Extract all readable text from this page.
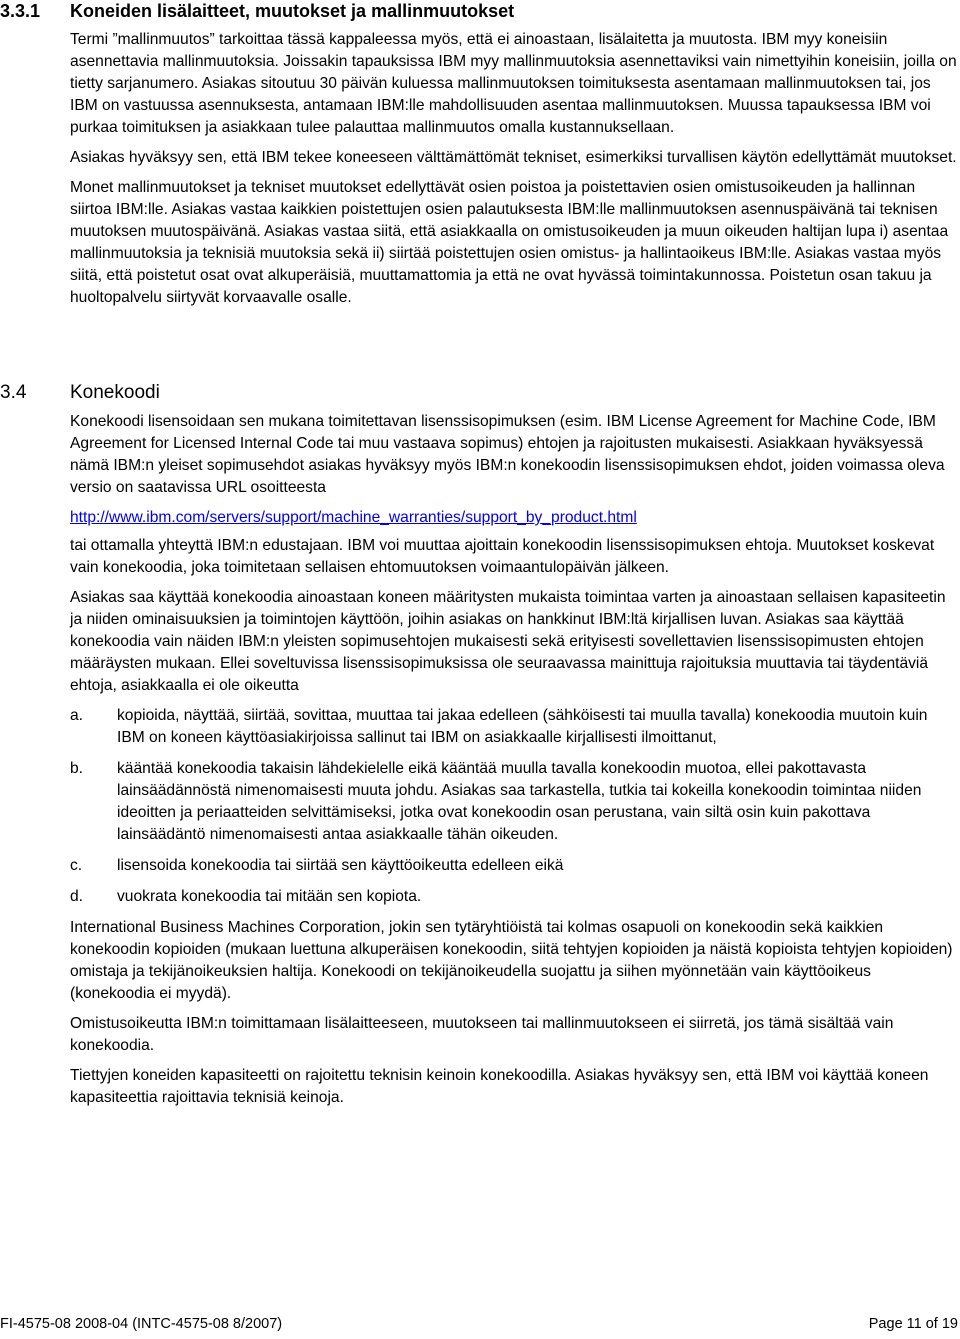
3.3.1 Koneiden lisälaitteet, muutokset ja mallinmuutokset

Termi ”mallinmuutos” tarkoittaa tässä kappaleessa myös, että ei ainoastaan, lisälaitetta ja muutosta. IBM myy koneisiin asennettavia mallinmuutoksia. Joissakin tapauksissa IBM myy mallinmuutoksia asennettaviksi vain nimettyihin koneisiin, joilla on tietty sarjanumero. Asiakas sitoutuu 30 päivän kuluessa mallinmuutoksen toimituksesta asentamaan mallinmuutoksen tai, jos IBM on vastuussa asennuksesta, antamaan IBM:lle mahdollisuuden asentaa mallinmuutoksen. Muussa tapauksessa IBM voi purkaa toimituksen ja asiakkaan tulee palauttaa mallinmuutos omalla kustannuksellaan.

Asiakas hyväksyy sen, että IBM tekee koneeseen välttämättömät tekniset, esimerkiksi turvallisen käytön edellyttämät muutokset.

Monet mallinmuutokset ja tekniset muutokset edellyttävät osien poistoa ja poistettavien osien omistusoikeuden ja hallinnan siirtoa IBM:lle. Asiakas vastaa kaikkien poistettujen osien palautuksesta IBM:lle mallinmuutoksen asennuspäivänä tai teknisen muutoksen muutospäivänä. Asiakas vastaa siitä, että asiakkaalla on omistusoikeuden ja muun oikeuden haltijan lupa i) asentaa mallinmuutoksia ja teknisiä muutoksia sekä ii) siirtää poistettujen osien omistus- ja hallintaoikeus IBM:lle. Asiakas vastaa myös siitä, että poistetut osat ovat alkuperäisiä, muuttamattomia ja että ne ovat hyvässä toimintakunnossa. Poistetun osan takuu ja huoltopalvelu siirtyvät korvaavalle osalle.

3.4 Konekoodi

Konekoodi lisensoidaan sen mukana toimitettavan lisenssisopimuksen (esim. IBM License Agreement for Machine Code, IBM Agreement for Licensed Internal Code tai muu vastaava sopimus) ehtojen ja rajoitusten mukaisesti. Asiakkaan hyväksyessä nämä IBM:n yleiset sopimusehdot asiakas hyväksyy myös IBM:n konekoodin lisenssisopimuksen ehdot, joiden voimassa oleva versio on saatavissa URL osoitteesta

http://www.ibm.com/servers/support/machine_warranties/support_by_product.html

tai ottamalla yhteyttä IBM:n edustajaan. IBM voi muuttaa ajoittain konekoodin lisenssisopimuksen ehtoja. Muutokset koskevat vain konekoodia, joka toimitetaan sellaisen ehtomuutoksen voimaantulopäivän jälkeen.

Asiakas saa käyttää konekoodia ainoastaan koneen määritysten mukaista toimintaa varten ja ainoastaan sellaisen kapasiteetin ja niiden ominaisuuksien ja toimintojen käyttöön, joihin asiakas on hankkinut IBM:ltä kirjallisen luvan. Asiakas saa käyttää konekoodia vain näiden IBM:n yleisten sopimusehtojen mukaisesti sekä erityisesti sovellettavien lisenssisopimusten ehtojen määräysten mukaan. Ellei soveltuvissa lisenssisopimuksissa ole seuraavassa mainittuja rajoituksia muuttavia tai täydentäviä ehtoja, asiakkaalla ei ole oikeutta

a. kopioida, näyttää, siirtää, sovittaa, muuttaa tai jakaa edelleen (sähköisesti tai muulla tavalla) konekoodia muutoin kuin IBM on koneen käyttöasiakirjoissa sallinut tai IBM on asiakkaalle kirjallisesti ilmoittanut,
b. kääntää konekoodia takaisin lähdekielelle eikä kääntää muulla tavalla konekoodin muotoa, ellei pakottavasta lainsäädännöstä nimenomaisesti muuta johdu. Asiakas saa tarkastella, tutkia tai kokeilla konekoodin toimintaa niiden ideoitten ja periaatteiden selvittämiseksi, jotka ovat konekoodin osan perustana, vain siltä osin kuin pakottava lainsäädäntö nimenomaisesti antaa asiakkaalle tähän oikeuden.
c. lisensoida konekoodia tai siirtää sen käyttöoikeutta edelleen eikä
d. vuokrata konekoodia tai mitään sen kopiota.

International Business Machines Corporation, jokin sen tytäryhtiöistä tai kolmas osapuoli on konekoodin sekä kaikkien konekoodin kopioiden (mukaan luettuna alkuperäisen konekoodin, siitä tehtyjen kopioiden ja näistä kopioista tehtyjen kopioiden) omistaja ja tekijänoikeuksien haltija. Konekoodi on tekijänoikeudella suojattu ja siihen myönnetään vain käyttöoikeus (konekoodia ei myydä).

Omistusoikeutta IBM:n toimittamaan lisälaitteeseen, muutokseen tai mallinmuutokseen ei siirretä, jos tämä sisältää vain konekoodia.

Tiettyjen koneiden kapasiteetti on rajoitettu teknisin keinoin konekoodilla. Asiakas hyväksyy sen, että IBM voi käyttää koneen kapasiteettia rajoittavia teknisiä keinoja.

FI-4575-08 2008-04 (INTC-4575-08 8/2007)	Page 11 of 19
